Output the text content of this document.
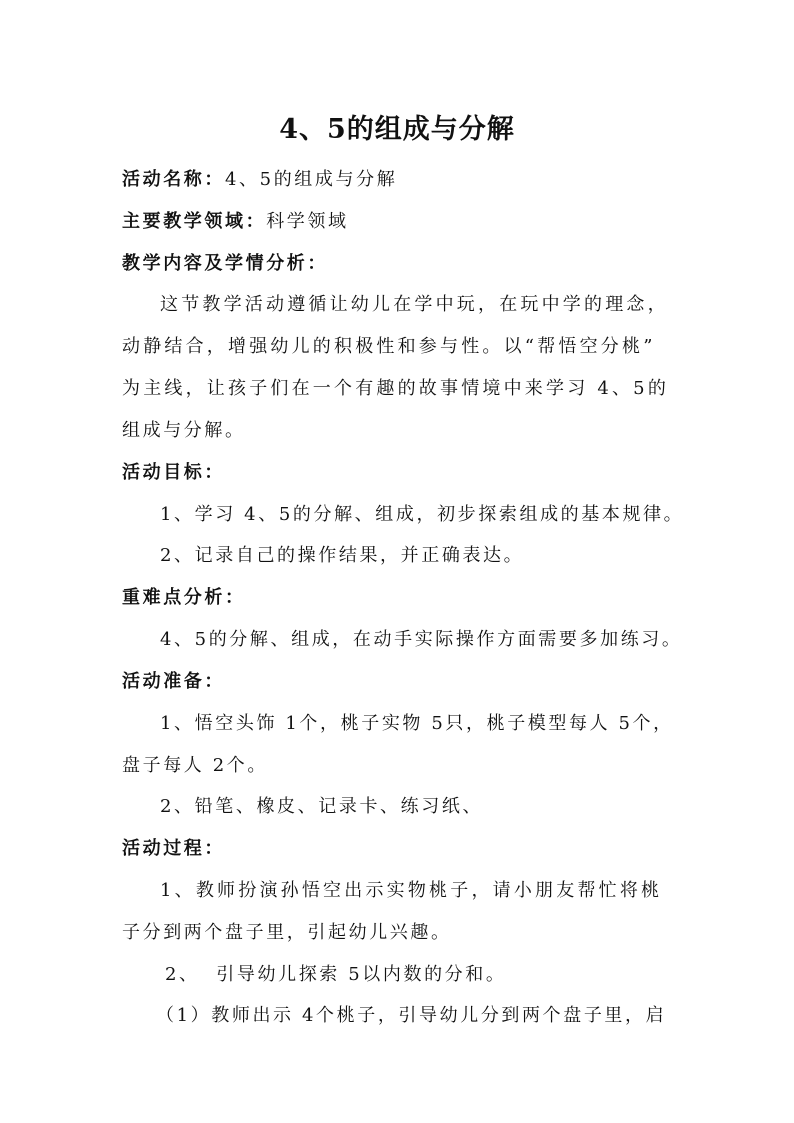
4、5的组成与分解
活动名称：4、5的组成与分解
主要教学领域：科学领域
教学内容及学情分析：
这节教学活动遵循让幼儿在学中玩，在玩中学的理念，
动静结合，增强幼儿的积极性和参与性。以“帮悟空分桃”
为主线，让孩子们在一个有趣的故事情境中来学习 4、5的
组成与分解。
活动目标：
1、学习 4、5的分解、组成，初步探索组成的基本规律。
2、记录自己的操作结果，并正确表达。
重难点分析：
4、5的分解、组成，在动手实际操作方面需要多加练习。
活动准备：
1、悟空头饰 1个，桃子实物 5只，桃子模型每人 5个，
盘子每人 2个。
2、铅笔、橡皮、记录卡、练习纸、
活动过程：
1、教师扮演孙悟空出示实物桃子，请小朋友帮忙将桃
子分到两个盘子里，引起幼儿兴趣。
2、  引导幼儿探索 5以内数的分和。
（1）教师出示 4个桃子，引导幼儿分到两个盘子里，启
